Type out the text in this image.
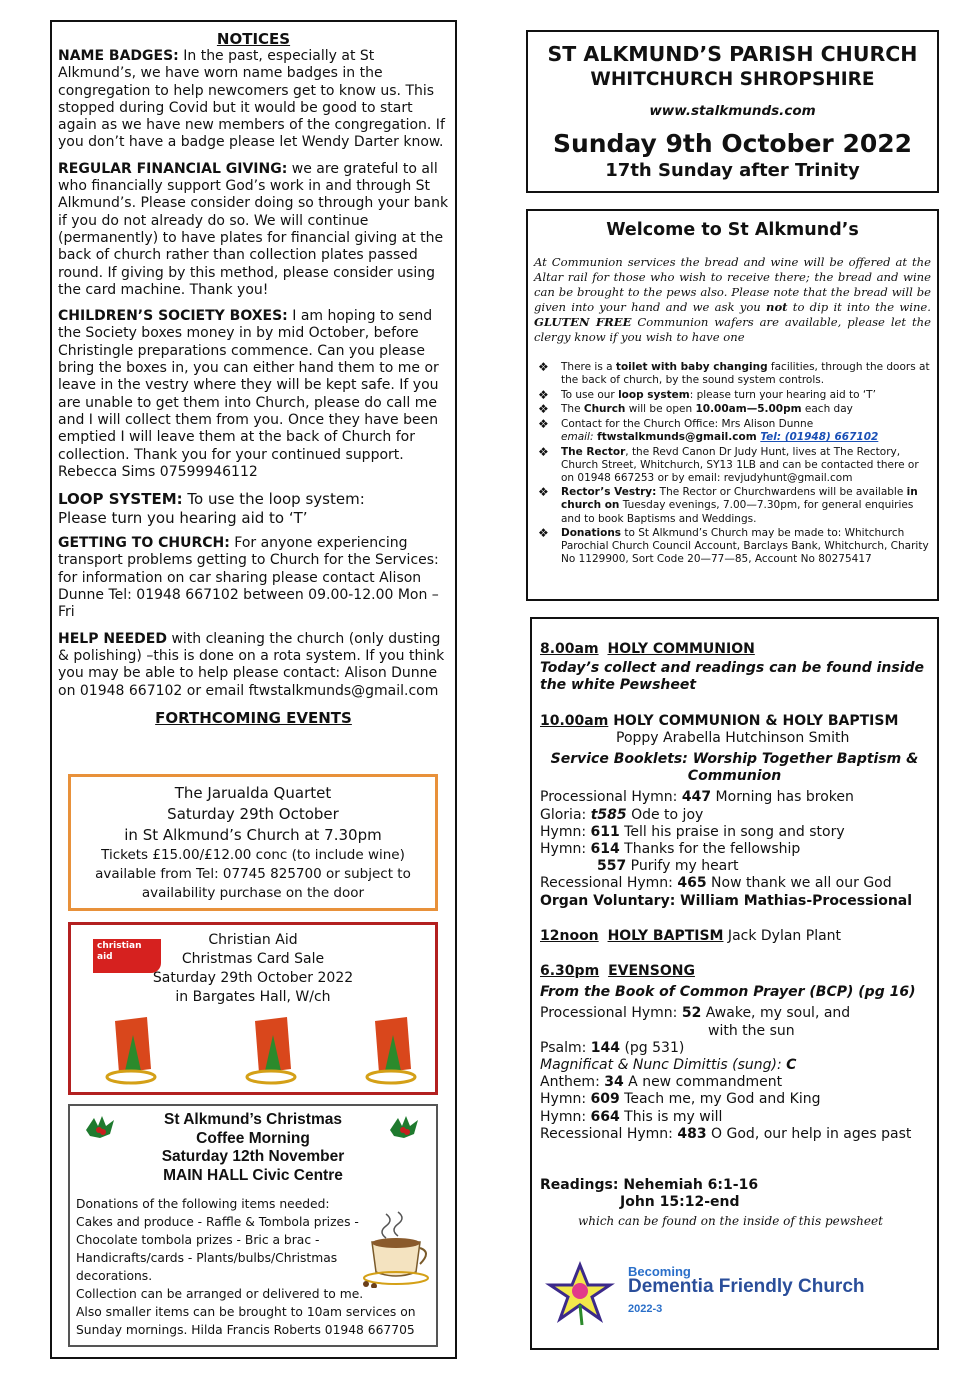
NOTICES

NAME BADGES: In the past, especially at St Alkmund’s, we have worn name badges in the congregation to help newcomers get to know us. This stopped during Covid but it would be good to start again as we have new members of the congregation. If you don’t have a badge please let Wendy Darter know.

REGULAR FINANCIAL GIVING: we are grateful to all who financially support God’s work in and through St Alkmund’s. Please consider doing so through your bank if you do not already do so. We will continue (permanently) to have plates for financial giving at the back of church rather than collection plates passed round. If giving by this method, please consider using the card machine. Thank you!

CHILDREN’S SOCIETY BOXES: I am hoping to send the Society boxes money in by mid October, before Christingle preparations commence. Can you please bring the boxes in, you can either hand them to me or leave in the vestry where they will be kept safe. If you are unable to get them into Church, please do call me and I will collect them from you. Once they have been emptied I will leave them at the back of Church for collection. Thank you for your continued support. Rebecca Sims 07599946112

LOOP SYSTEM: To use the loop system:
Please turn you hearing aid to ‘T’

GETTING TO CHURCH: For anyone experiencing transport problems getting to Church for the Services: for information on car sharing please contact Alison Dunne Tel: 01948 667102 between 09.00-12.00 Mon –Fri

HELP NEEDED with cleaning the church (only dusting & polishing) –this is done on a rota system. If you think you may be able to help please contact: Alison Dunne on 01948 667102 or email ftwstalkmunds@gmail.com

FORTHCOMING EVENTS
The Jarualda Quartet
Saturday 29th October
in St Alkmund’s Church at 7.30pm
Tickets £15.00/£12.00 conc (to include wine)
available from Tel: 07745 825700 or subject to
availability purchase on the door
christian aid
Christian Aid
Christmas Card Sale
Saturday 29th October 2022
in Bargates Hall, W/ch
St Alkmund’s Christmas
Coffee Morning
Saturday 12th November
MAIN HALL Civic Centre
Donations of the following items needed:
Cakes and produce - Raffle & Tombola prizes -
Chocolate tombola prizes - Bric a brac -
Handicrafts/cards - Plants/bulbs/Christmas
decorations.
Collection can be arranged or delivered to me.
Also smaller items can be brought to 10am services on
Sunday mornings. Hilda Francis Roberts 01948 667705
ST ALKMUND’S PARISH CHURCH
WHITCHURCH SHROPSHIRE
www.stalkmunds.com
Sunday 9th October 2022
17th Sunday after Trinity
Welcome to St Alkmund’s

At Communion services the bread and wine will be offered at the Altar rail for those who wish to receive there; the bread and wine can be brought to the pews also. Please note that the bread will be given into your hand and we ask you not to dip it into the wine. GLUTEN FREE Communion wafers are available, please let the clergy know if you wish to have one

❖ There is a toilet with baby changing facilities, through the doors at the back of church, by the sound system controls.
❖ To use our loop system: please turn your hearing aid to ‘T’
❖ The Church will be open 10.00am—5.00pm each day
❖ Contact for the Church Office: Mrs Alison Dunne
email: ftwstalkmunds@gmail.com Tel: (01948) 667102
❖ The Rector, the Revd Canon Dr Judy Hunt, lives at The Rectory, Church Street, Whitchurch, SY13 1LB and can be contacted there or on 01948 667253 or by email: revjudyhunt@gmail.com
❖ Rector’s Vestry: The Rector or Churchwardens will be available in church on Tuesday evenings, 7.00—7.30pm, for general enquiries and to book Baptisms and Weddings.
❖ Donations to St Alkmund’s Church may be made to: Whitchurch Parochial Church Council Account, Barclays Bank, Whitchurch, Charity No 1129900, Sort Code 20—77—85, Account No 80275417
8.00am HOLY COMMUNION
Today’s collect and readings can be found inside the white Pewsheet
10.00am HOLY COMMUNION & HOLY BAPTISM
Poppy Arabella Hutchinson Smith
Service Booklets: Worship Together Baptism & Communion
Processional Hymn: 447 Morning has broken
Gloria: t585 Ode to joy
Hymn: 611 Tell his praise in song and story
Hymn: 614 Thanks for the fellowship
557 Purify my heart
Recessional Hymn: 465 Now thank we all our God
Organ Voluntary: William Mathias-Processional
12noon HOLY BAPTISM Jack Dylan Plant
6.30pm EVENSONG
From the Book of Common Prayer (BCP) (pg 16)
Processional Hymn: 52 Awake, my soul, and
with the sun
Psalm: 144 (pg 531)
Magnificat & Nunc Dimittis (sung): C
Anthem: 34 A new commandment
Hymn: 609 Teach me, my God and King
Hymn: 664 This is my will
Recessional Hymn: 483 O God, our help in ages past
Readings: Nehemiah 6:1-16
John 15:12-end
which can be found on the inside of this pewsheet
Becoming
Dementia Friendly Church
2022-3
